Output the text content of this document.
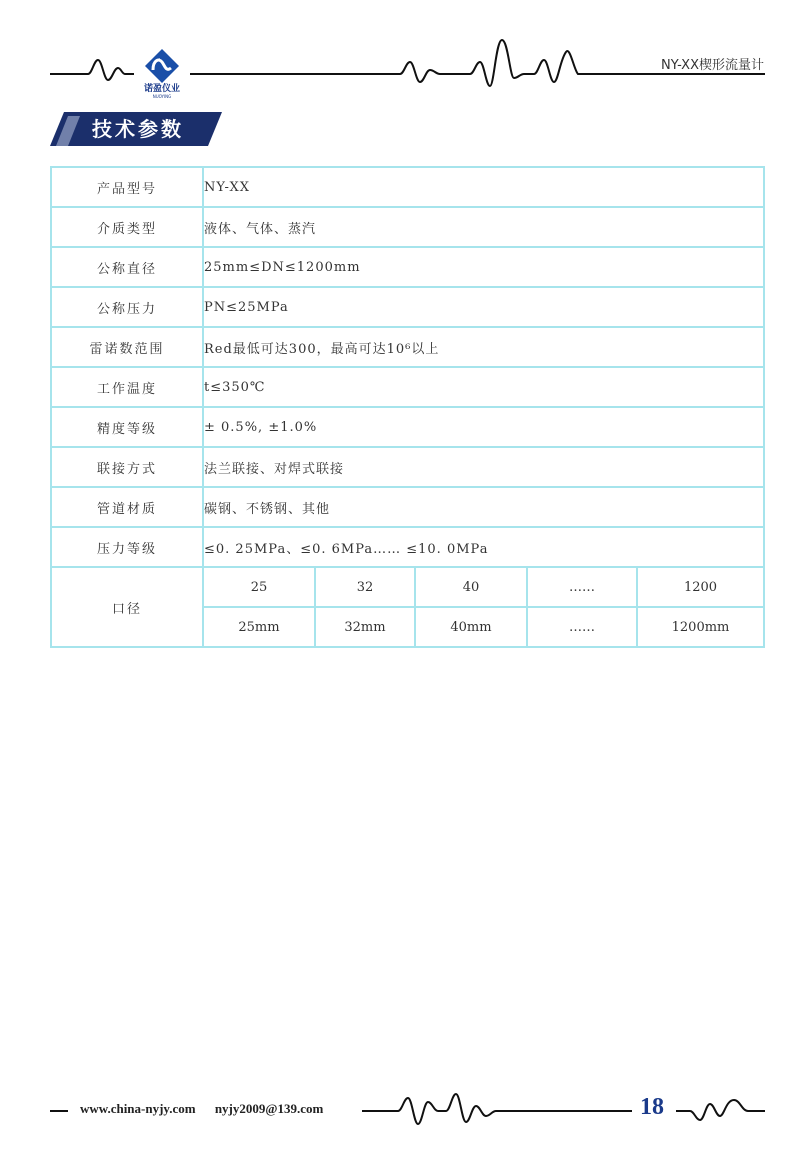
诺盈仪业
NUOYING
NY-XX楔形流量计
技术参数
产品型号	NY-XX				
介质类型	液体、气体、蒸汽				
公称直径	25mm≤DN≤1200mm				
公称压力	PN≤25MPa				
雷诺数范围	Red最低可达300，最高可达10⁶以上				
工作温度	t≤350℃				
精度等级	± 0.5%, ±1.0%				
联接方式	法兰联接、对焊式联接				
管道材质	碳钢、不锈钢、其他				
压力等级	≤0. 25MPa、≤0. 6MPa…… ≤10. 0MPa				
口径	25	32	40	……	1200
	25mm	32mm	40mm	……	1200mm
www.china-nyjy.com nyjy2009@139.com	18
